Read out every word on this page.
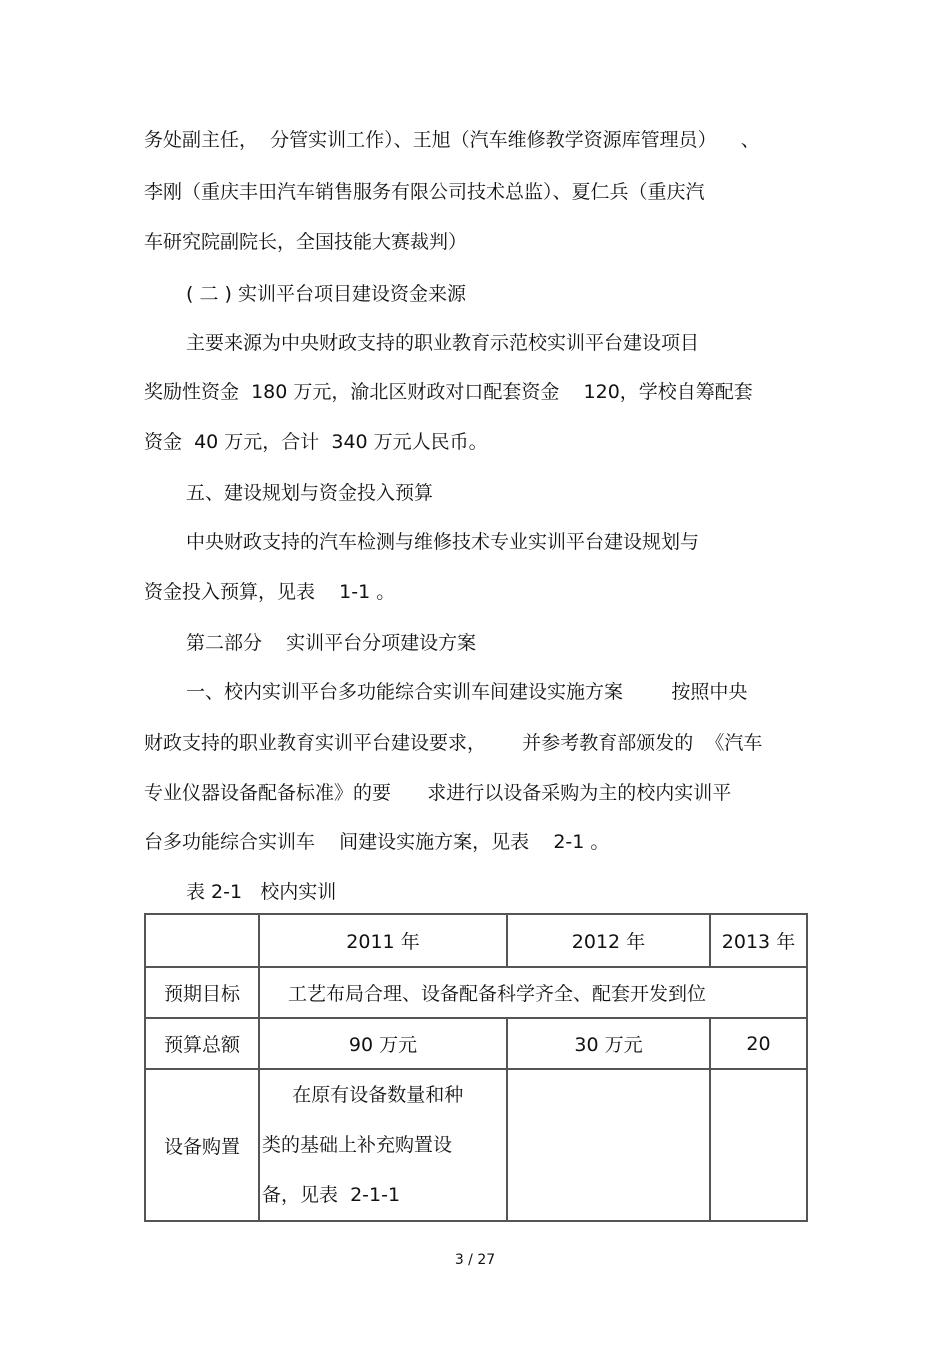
务处副主任，  分管实训工作）、王旭（汽车维修教学资源库管理员）    、
李刚（重庆丰田汽车销售服务有限公司技术总监）、夏仁兵（重庆汽
车研究院副院长，全国技能大赛裁判）
( 二 ) 实训平台项目建设资金来源
主要来源为中央财政支持的职业教育示范校实训平台建设项目
奖励性资金  180 万元，渝北区财政对口配套资金    120，学校自筹配套
资金  40 万元，合计  340 万元人民币。
五、建设规划与资金投入预算
中央财政支持的汽车检测与维修技术专业实训平台建设规划与
资金投入预算，见表    1-1 。
第二部分    实训平台分项建设方案
一、校内实训平台多功能综合实训车间建设实施方案        按照中央
财政支持的职业教育实训平台建设要求，      并参考教育部颁发的  《汽车
专业仪器设备配备标准》的要      求进行以设备采购为主的校内实训平
台多功能综合实训车    间建设实施方案，见表    2-1 。
表 2-1   校内实训
	2011 年	2012 年	2013 年
预期目标	工艺布局合理、设备配备科学齐全、配套开发到位		
预算总额	90 万元	30 万元	20
设备购置	在原有设备数量和种
类的基础上补充购置设
备，见表  2-1-1		

3 / 27
